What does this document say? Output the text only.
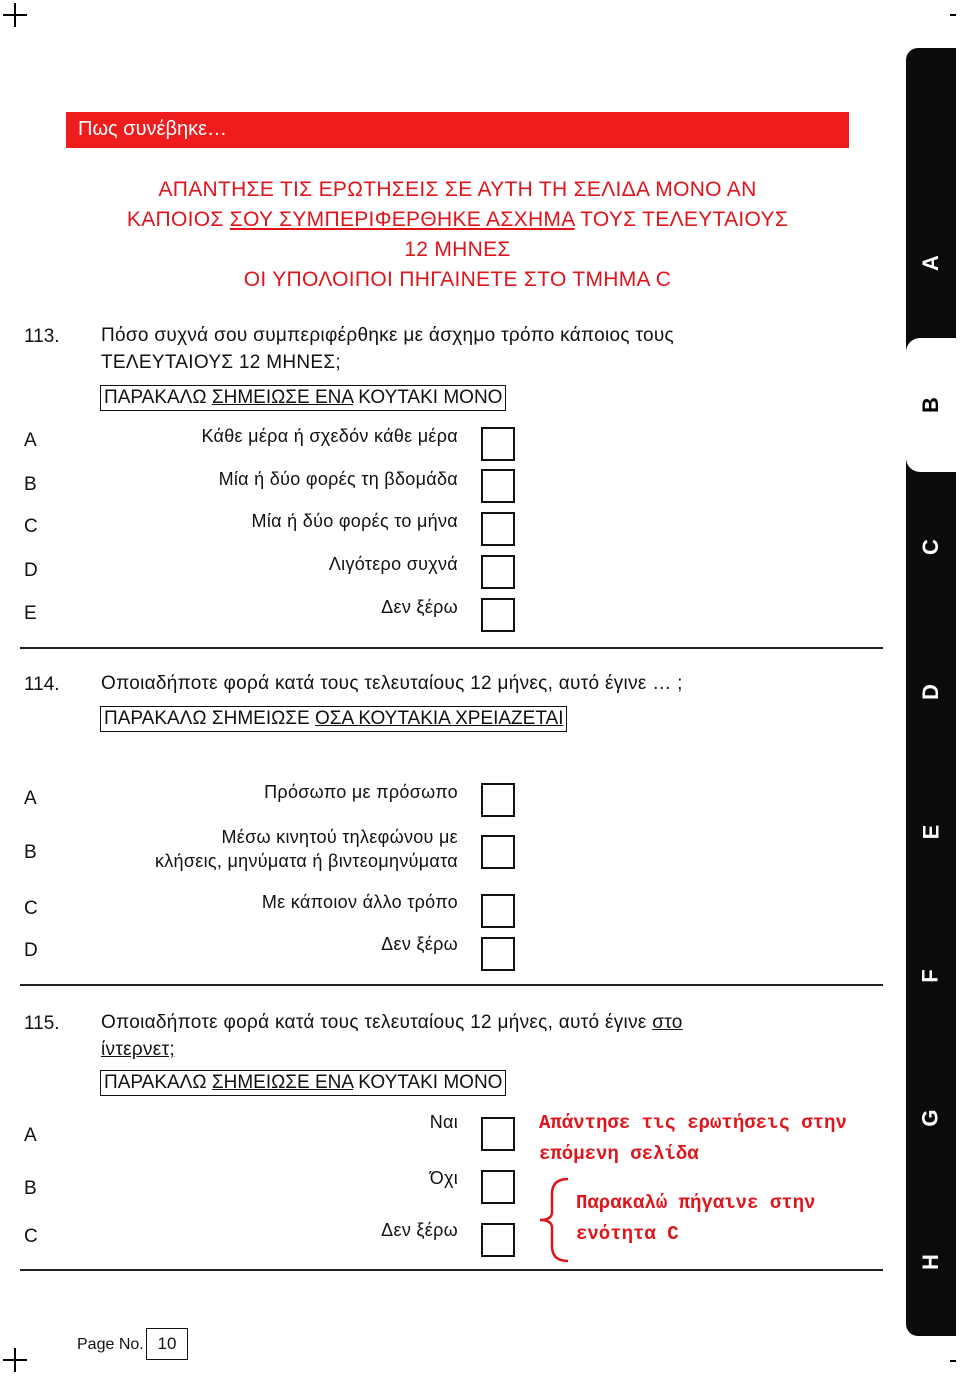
Πως συνέβηκε…
ΑΠΑΝΤΗΣΕ ΤΙΣ ΕΡΩΤΗΣΕΙΣ ΣΕ ΑΥΤΗ ΤΗ ΣΕΛΙΔΑ ΜΟΝΟ ΑΝ
ΚΑΠΟΙΟΣ ΣΟΥ ΣΥΜΠΕΡΙΦΕΡΘΗΚΕ ΑΣΧΗΜΑ ΤΟΥΣ ΤΕΛΕΥΤΑΙΟΥΣ
12 ΜΗΝΕΣ
ΟΙ ΥΠΟΛΟΙΠΟΙ ΠΗΓΑΙΝΕΤΕ ΣΤΟ ΤΜΗΜΑ C
113. Πόσο συχνά σου συμπεριφέρθηκε με άσχημο τρόπο κάποιος τους
ΤΕΛΕΥΤΑΙΟΥΣ 12 ΜΗΝΕΣ;
ΠΑΡΑΚΑΛΩ ΣΗΜΕΙΩΣΕ ΕΝΑ ΚΟΥΤΑΚΙ ΜΟΝΟ
A	Κάθε μέρα ή σχεδόν κάθε μέρα
B	Μία ή δύο φορές τη βδομάδα
C	Μία ή δύο φορές το μήνα
D	Λιγότερο συχνά
E	Δεν ξέρω
114. Οποιαδήποτε φορά κατά τους τελευταίους 12 μήνες, αυτό έγινε … ;
ΠΑΡΑΚΑΛΩ ΣΗΜΕΙΩΣΕ ΟΣΑ ΚΟΥΤΑΚΙΑ ΧΡΕΙΑΖΕΤΑΙ
A	Πρόσωπο με πρόσωπο
B
Μέσω κινητού τηλεφώνου με
κλήσεις, μηνύματα ή βιντεομηνύματα
C	Με κάποιον άλλο τρόπο
D	Δεν ξέρω
115. Οποιαδήποτε φορά κατά τους τελευταίους 12 μήνες, αυτό έγινε στο
ίντερνετ;
ΠΑΡΑΚΑΛΩ ΣΗΜΕΙΩΣΕ ΕΝΑ ΚΟΥΤΑΚΙ ΜΟΝΟ
A
Ναι
B	Όχι
C	Δεν ξέρω
Απάντησε τις ερωτήσεις στην
επόμενη σελίδα
Παρακαλώ πήγαινε στην
ενότητα C
A
B
C
D
E
F
G
H
Page No. 10
